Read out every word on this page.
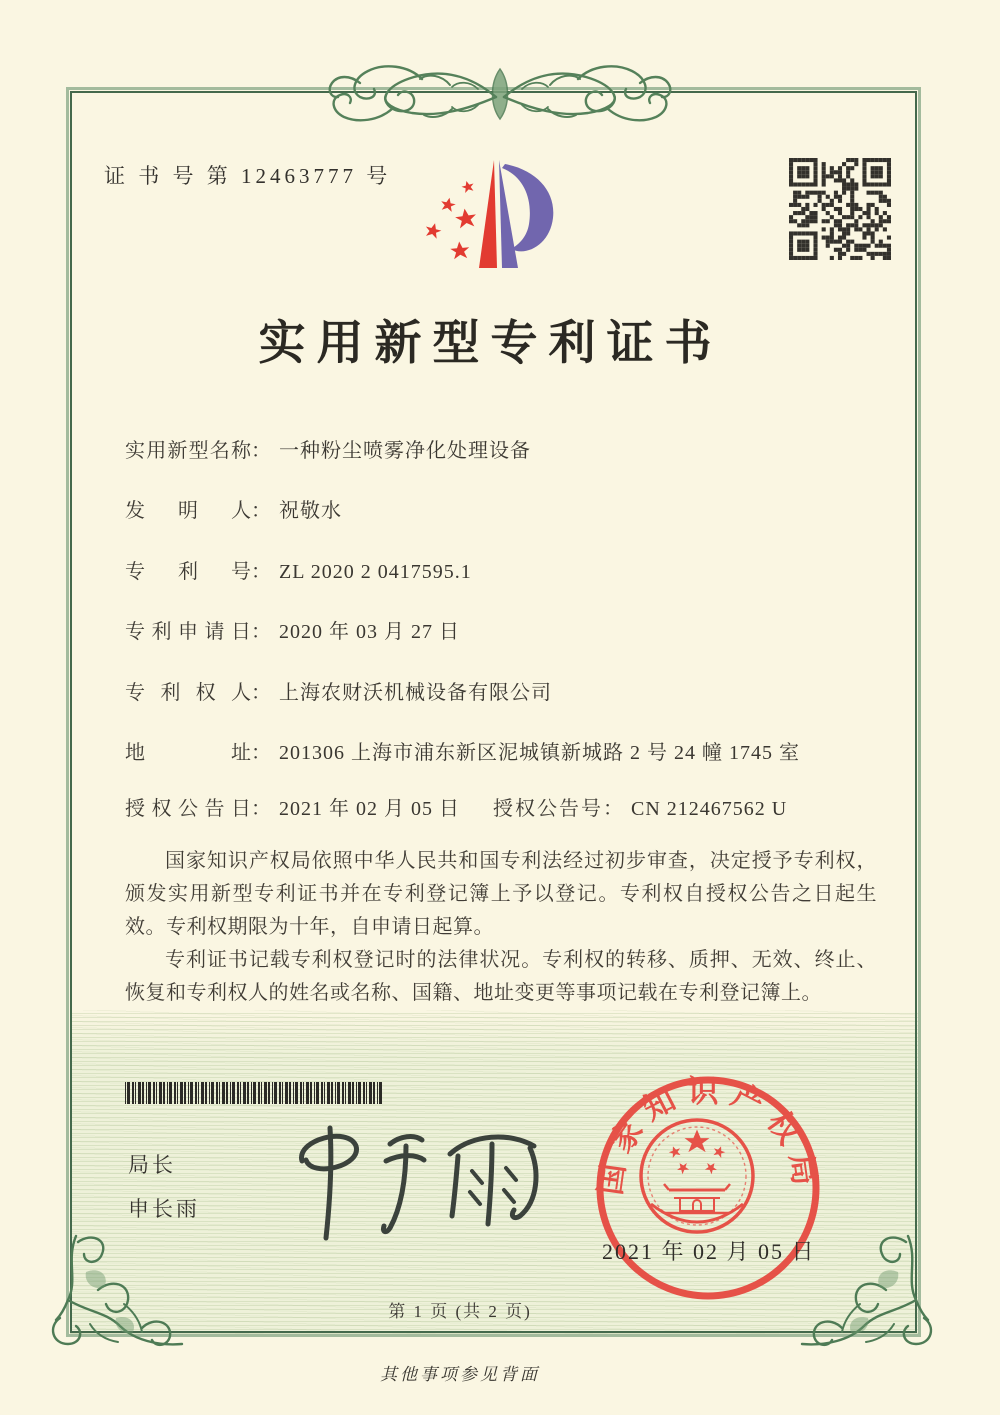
证 书 号 第 12463777 号
实用新型专利证书
实用新型名称： 一种粉尘喷雾净化处理设备
发明人： 祝敬水
专利号： ZL 2020 2 0417595.1
专利申请日： 2020 年 03 月 27 日
专利权人： 上海农财沃机械设备有限公司
地址： 201306 上海市浦东新区泥城镇新城路 2 号 24 幢 1745 室
授权公告日： 2021 年 02 月 05 日 授权公告号： CN 212467562 U

国家知识产权局依照中华人民共和国专利法经过初步审查，决定授予专利权，颁发实用新型专利证书并在专利登记簿上予以登记。专利权自授权公告之日起生效。专利权期限为十年，自申请日起算。

专利证书记载专利权登记时的法律状况。专利权的转移、质押、无效、终止、恢复和专利权人的姓名或名称、国籍、地址变更等事项记载在专利登记簿上。

局长
申长雨
国家知识产权局
2021 年 02 月 05 日
第 1 页 (共 2 页)
其他事项参见背面
